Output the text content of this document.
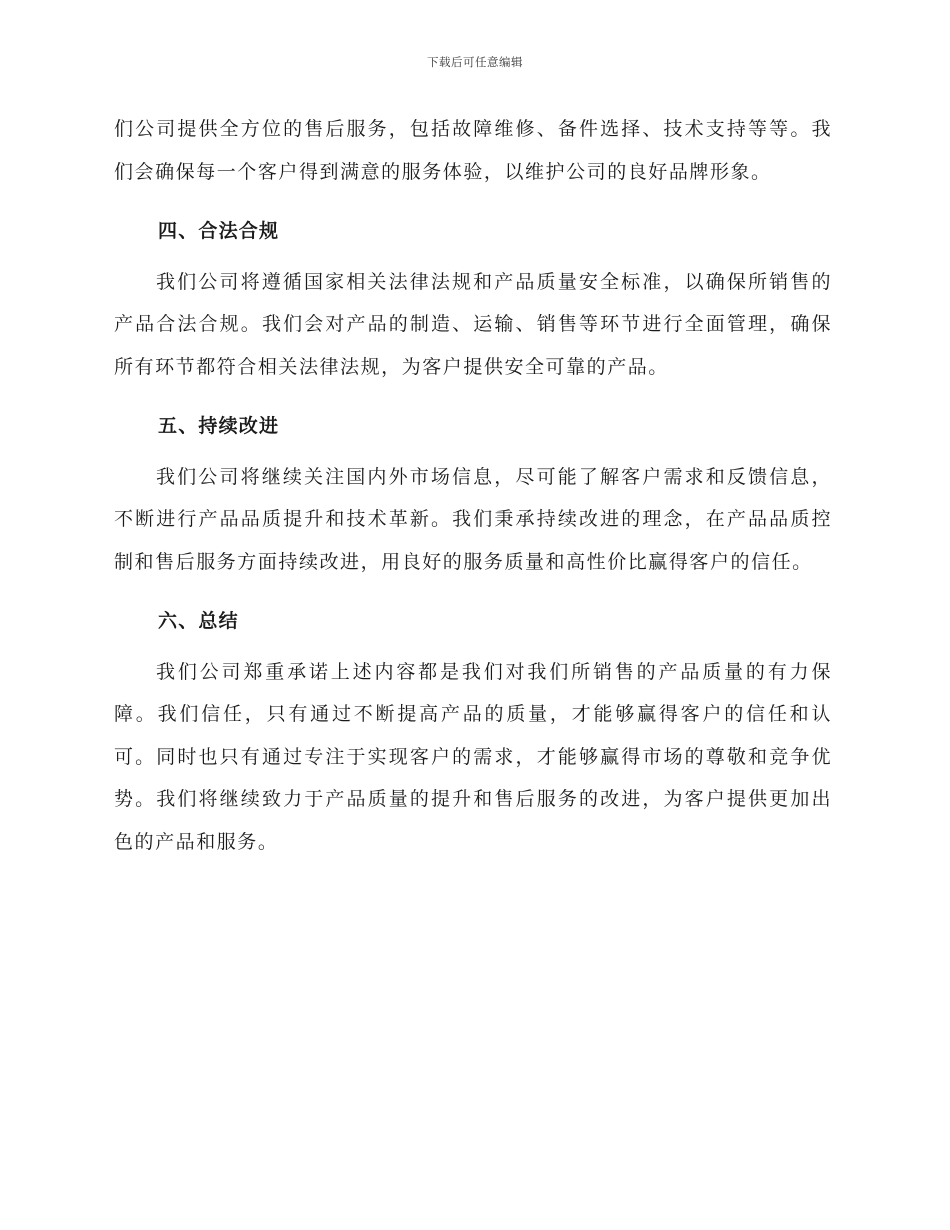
下载后可任意编辑

们公司提供全方位的售后服务，包括故障维修、备件选择、技术支持等等。我们会确保每一个客户得到满意的服务体验，以维护公司的良好品牌形象。

四、合法合规

我们公司将遵循国家相关法律法规和产品质量安全标准，以确保所销售的产品合法合规。我们会对产品的制造、运输、销售等环节进行全面管理，确保所有环节都符合相关法律法规，为客户提供安全可靠的产品。

五、持续改进

我们公司将继续关注国内外市场信息，尽可能了解客户需求和反馈信息，不断进行产品品质提升和技术革新。我们秉承持续改进的理念，在产品品质控制和售后服务方面持续改进，用良好的服务质量和高性价比赢得客户的信任。

六、总结

我们公司郑重承诺上述内容都是我们对我们所销售的产品质量的有力保障。我们信任，只有通过不断提高产品的质量，才能够赢得客户的信任和认可。同时也只有通过专注于实现客户的需求，才能够赢得市场的尊敬和竞争优势。我们将继续致力于产品质量的提升和售后服务的改进，为客户提供更加出色的产品和服务。
